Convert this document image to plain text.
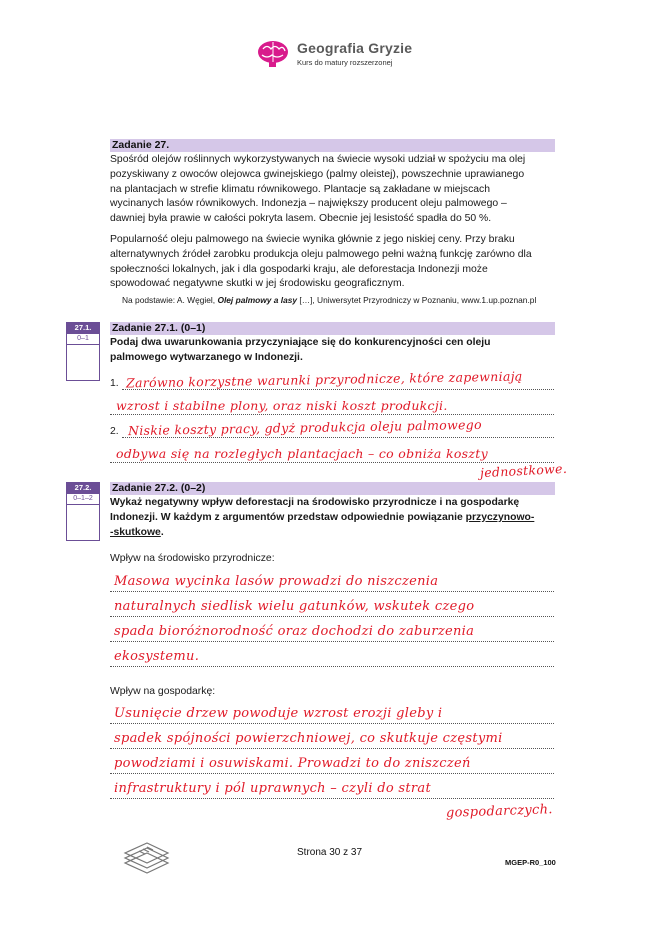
Geografia Gryzie
Kurs do matury rozszerzonej
Zadanie 27.
Spośród olejów roślinnych wykorzystywanych na świecie wysoki udział w spożyciu ma olej
pozyskiwany z owoców olejowca gwinejskiego (palmy oleistej), powszechnie uprawianego
na plantacjach w strefie klimatu równikowego. Plantacje są zakładane w miejscach
wycinanych lasów równikowych. Indonezja – największy producent oleju palmowego –
dawniej była prawie w całości pokryta lasem. Obecnie jej lesistość spadła do 50 %.
Popularność oleju palmowego na świecie wynika głównie z jego niskiej ceny. Przy braku
alternatywnych źródeł zarobku produkcja oleju palmowego pełni ważną funkcję zarówno dla
społeczności lokalnych, jak i dla gospodarki kraju, ale deforestacja Indonezji może
spowodować negatywne skutki w jej środowisku geograficznym.
Na podstawie: A. Węgiel, Olej palmowy a lasy […], Uniwersytet Przyrodniczy w Poznaniu, www.1.up.poznan.pl
27.1.
0–1
Zadanie 27.1. (0–1)
Podaj dwa uwarunkowania przyczyniające się do konkurencyjności cen oleju
palmowego wytwarzanego w Indonezji.
1.
2.
Zarówno korzystne warunki przyrodnicze, które zapewniają
wzrost i stabilne plony, oraz niski koszt produkcji.
Niskie koszty pracy, gdyż produkcja oleju palmowego
odbywa się na rozległych plantacjach – co obniża koszty
jednostkowe.
27.2.
0–1–2
Zadanie 27.2. (0–2)
Wykaż negatywny wpływ deforestacji na środowisko przyrodnicze i na gospodarkę
Indonezji. W każdym z argumentów przedstaw odpowiednie powiązanie przyczynowo-
-skutkowe.
Wpływ na środowisko przyrodnicze:
Masowa wycinka lasów prowadzi do niszczenia
naturalnych siedlisk wielu gatunków, wskutek czego
spada bioróżnorodność oraz dochodzi do zaburzenia
ekosystemu.
Wpływ na gospodarkę:
Usunięcie drzew powoduje wzrost erozji gleby i
spadek spójności powierzchniowej, co skutkuje częstymi
powodziami i osuwiskami. Prowadzi to do zniszczeń
infrastruktury i pól uprawnych – czyli do strat
gospodarczych.
Strona 30 z 37
MGEP-R0_100
